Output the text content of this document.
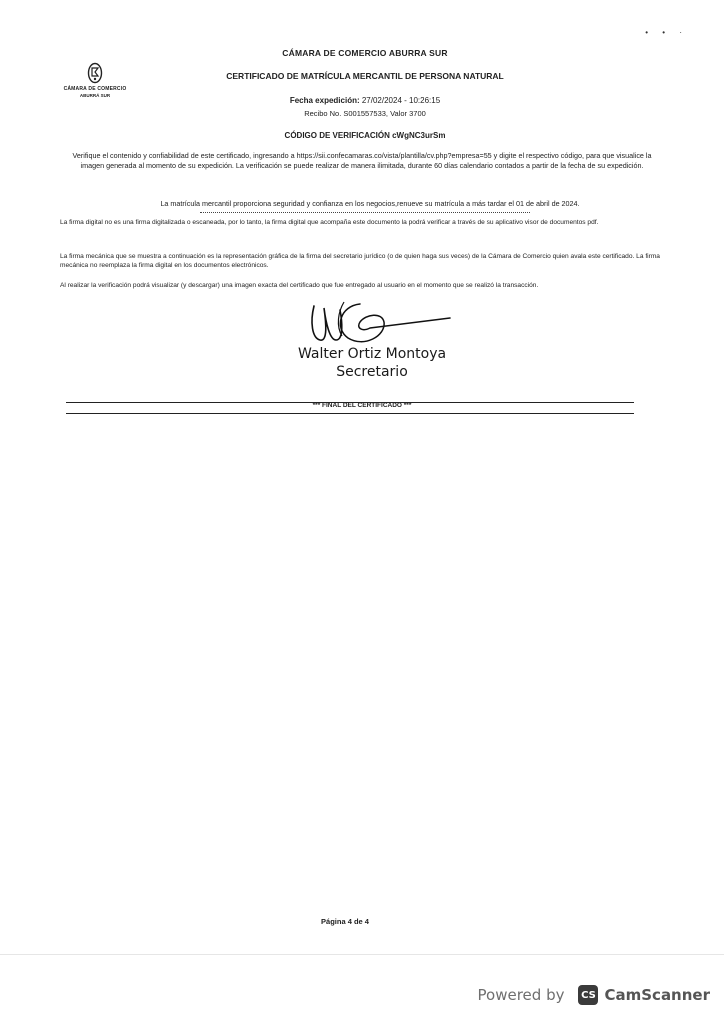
• • ·
CÁMARA DE COMERCIO
ABURRÁ SUR
CÁMARA DE COMERCIO ABURRA SUR
CERTIFICADO DE MATRÍCULA MERCANTIL DE PERSONA NATURAL
Fecha expedición: 27/02/2024 - 10:26:15
Recibo No. S001557533, Valor 3700
CÓDIGO DE VERIFICACIÓN cWgNC3urSm
Verifique el contenido y confiabilidad de este certificado, ingresando a https://sii.confecamaras.co/vista/plantilla/cv.php?empresa=55 y digite el respectivo código, para que visualice la imagen generada al momento de su expedición. La verificación se puede realizar de manera ilimitada, durante 60 días calendario contados a partir de la fecha de su expedición.
La matrícula mercantil proporciona seguridad y confianza en los negocios,renueve su matrícula a más tardar el 01 de abril de 2024.
La firma digital no es una firma digitalizada o escaneada, por lo tanto, la firma digital que acompaña este documento la podrá verificar a través de su aplicativo visor de documentos pdf.
La firma mecánica que se muestra a continuación es la representación gráfica de la firma del secretario jurídico (o de quien haga sus veces) de la Cámara de Comercio quien avala este certificado. La firma mecánica no reemplaza la firma digital en los documentos electrónicos.
Al realizar la verificación podrá visualizar (y descargar) una imagen exacta del certificado que fue entregado al usuario en el momento que se realizó la transacción.
Walter Ortiz Montoya
Secretario
*** FINAL DEL CERTIFICADO ***
Página 4 de 4
Powered by CS CamScanner
